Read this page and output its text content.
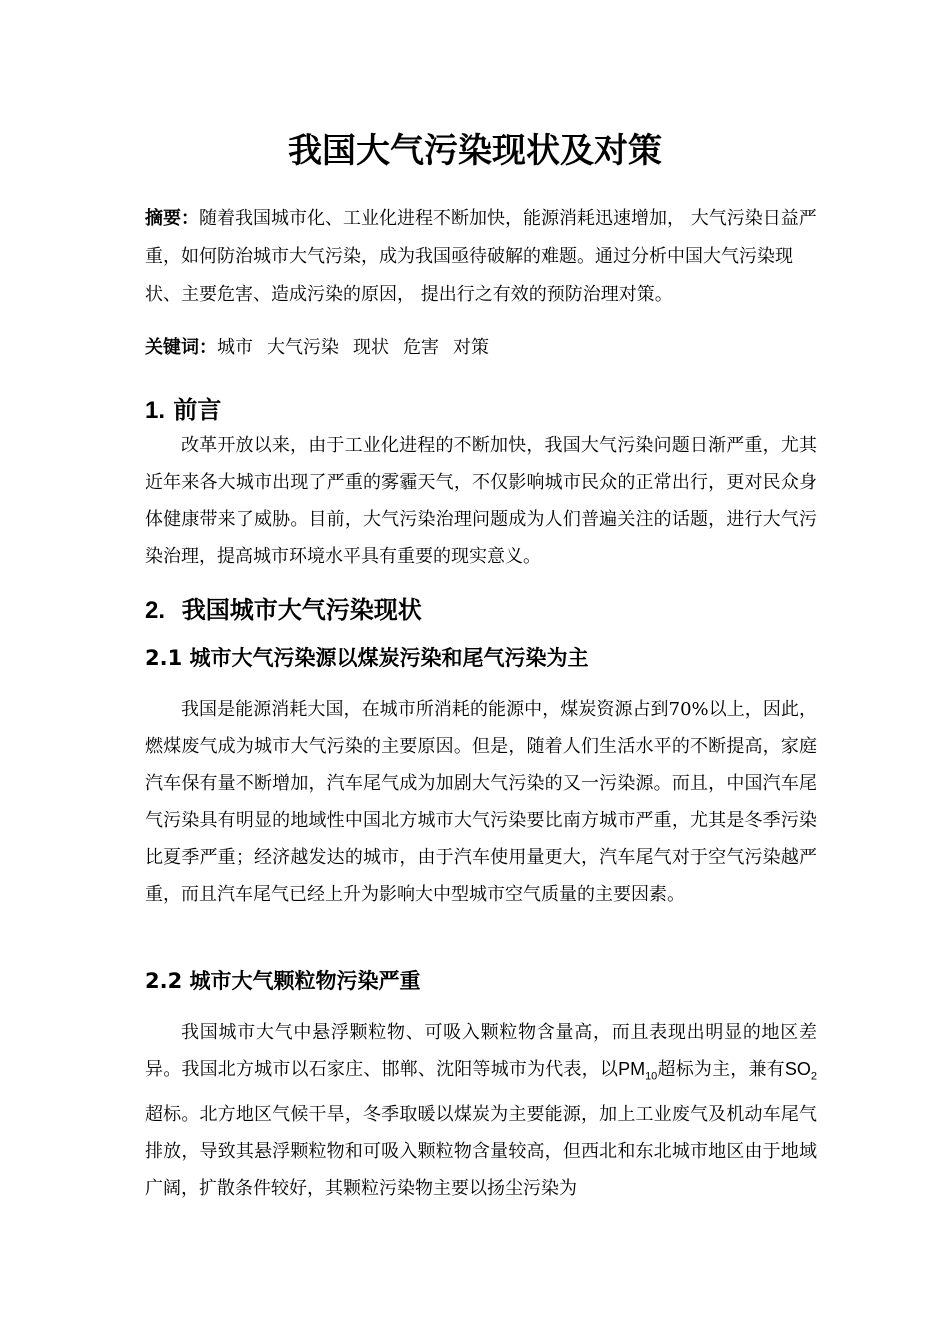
我国大气污染现状及对策

摘要：随着我国城市化、工业化进程不断加快，能源消耗迅速增加， 大气污染日益严重，如何防治城市大气污染，成为我国亟待破解的难题。通过分析中国大气污染现状、主要危害、造成污染的原因， 提出行之有效的预防治理对策。

关键词：城市 大气污染 现状 危害 对策
1. 前言

改革开放以来，由于工业化进程的不断加快，我国大气污染问题日渐严重，尤其近年来各大城市出现了严重的雾霾天气，不仅影响城市民众的正常出行，更对民众身体健康带来了威胁。目前，大气污染治理问题成为人们普遍关注的话题，进行大气污染治理，提高城市环境水平具有重要的现实意义。

2. 我国城市大气污染现状
2.1 城市大气污染源以煤炭污染和尾气污染为主

我国是能源消耗大国，在城市所消耗的能源中，煤炭资源占到70%以上，因此，燃煤废气成为城市大气污染的主要原因。但是，随着人们生活水平的不断提高，家庭汽车保有量不断增加，汽车尾气成为加剧大气污染的又一污染源。而且，中国汽车尾气污染具有明显的地域性中国北方城市大气污染要比南方城市严重，尤其是冬季污染比夏季严重；经济越发达的城市，由于汽车使用量更大，汽车尾气对于空气污染越严重，而且汽车尾气已经上升为影响大中型城市空气质量的主要因素。

2.2 城市大气颗粒物污染严重

我国城市大气中悬浮颗粒物、可吸入颗粒物含量高，而且表现出明显的地区差异。我国北方城市以石家庄、邯郸、沈阳等城市为代表，以$PM_{10}$超标为主，兼有$SO_2$超标。北方地区气候干旱，冬季取暖以煤炭为主要能源，加上工业废气及机动车尾气排放，导致其悬浮颗粒物和可吸入颗粒物含量较高，但西北和东北城市地区由于地域广阔，扩散条件较好，其颗粒污染物主要以扬尘污染为
